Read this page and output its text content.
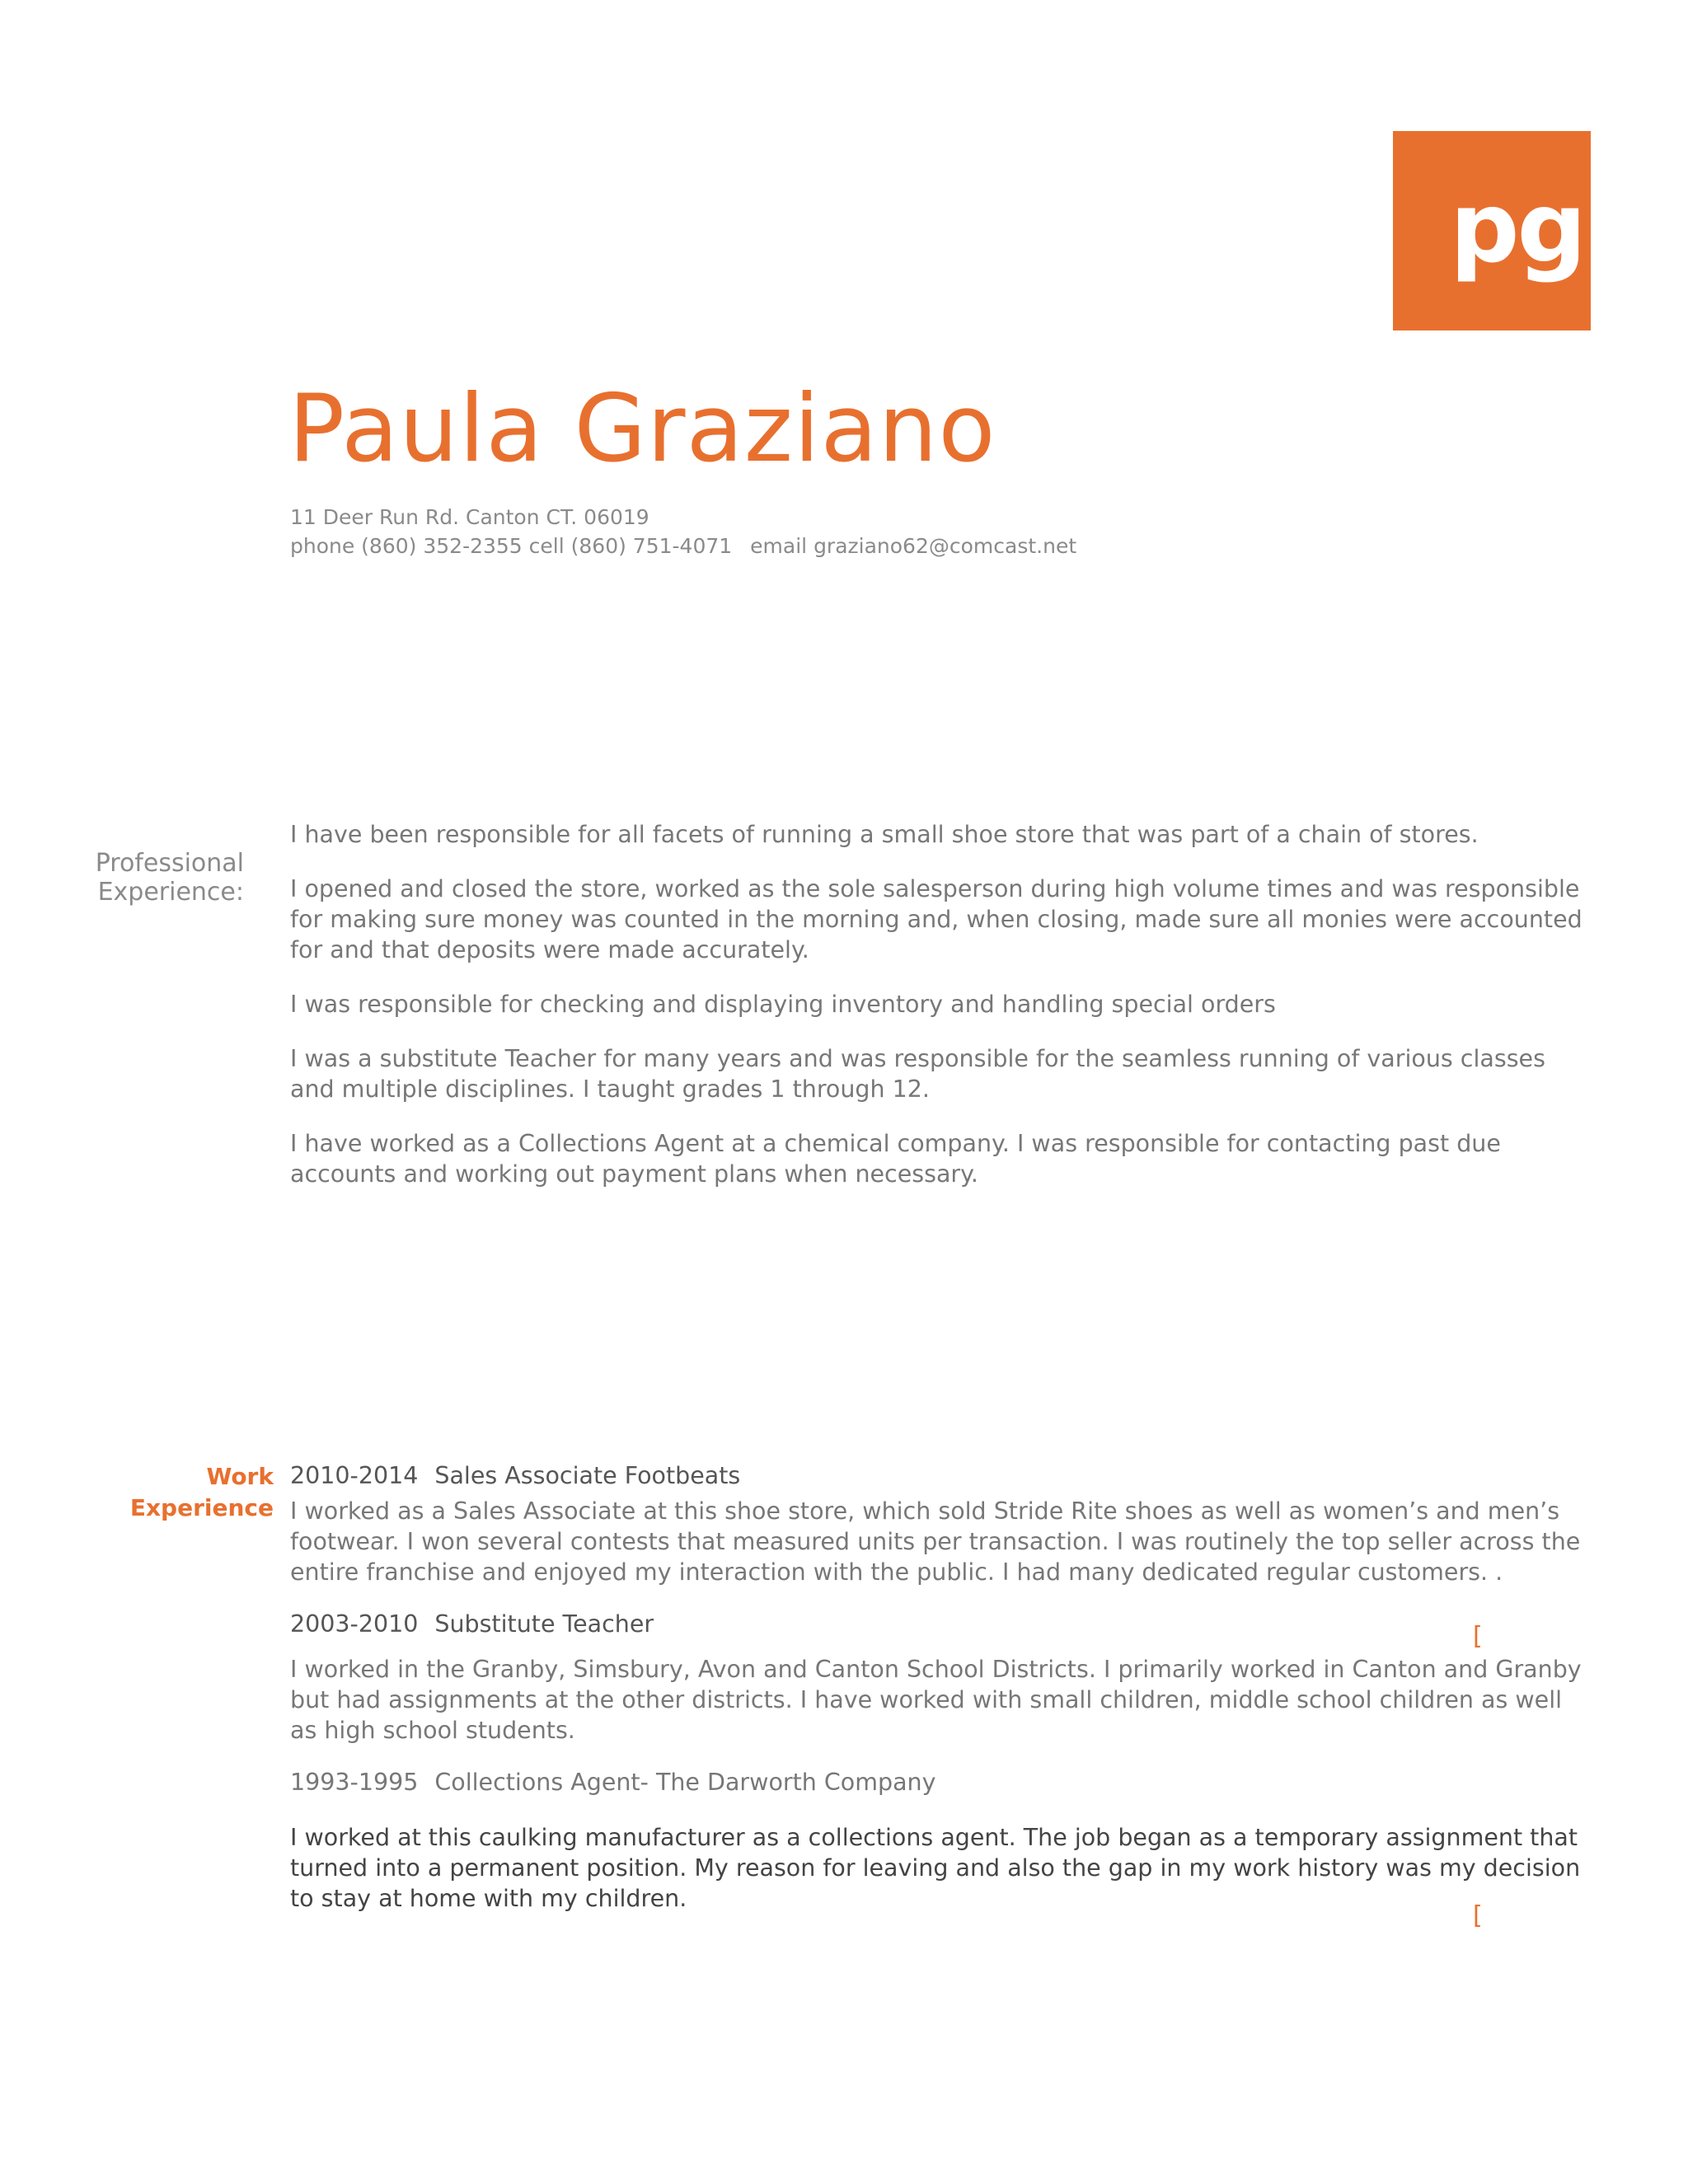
pg
Paula Graziano
11 Deer Run Rd. Canton CT. 06019
phone (860) 352-2355 cell (860) 751-4071 email graziano62@comcast.net
Professional Experience:

I have been responsible for all facets of running a small shoe store that was part of a chain of stores.

I opened and closed the store, worked as the sole salesperson during high volume times and was responsible for making sure money was counted in the morning and, when closing, made sure all monies were accounted for and that deposits were made accurately.

I was responsible for checking and displaying inventory and handling special orders

I was a substitute Teacher for many years and was responsible for the seamless running of various classes and multiple disciplines. I taught grades 1 through 12.

I have worked as a Collections Agent at a chemical company. I was responsible for contacting past due accounts and working out payment plans when necessary.

Work
Experience

2010-2014 Sales Associate Footbeats

I worked as a Sales Associate at this shoe store, which sold Stride Rite shoes as well as women’s and men’s footwear. I won several contests that measured units per transaction. I was routinely the top seller across the entire franchise and enjoyed my interaction with the public. I had many dedicated regular customers. .

2003-2010 Substitute Teacher

I worked in the Granby, Simsbury, Avon and Canton School Districts. I primarily worked in Canton and Granby but had assignments at the other districts. I have worked with small children, middle school children as well as high school students.

1993-1995 Collections Agent- The Darworth Company

I worked at this caulking manufacturer as a collections agent. The job began as a temporary assignment that turned into a permanent position. My reason for leaving and also the gap in my work history was my decision to stay at home with my children.

[
[
